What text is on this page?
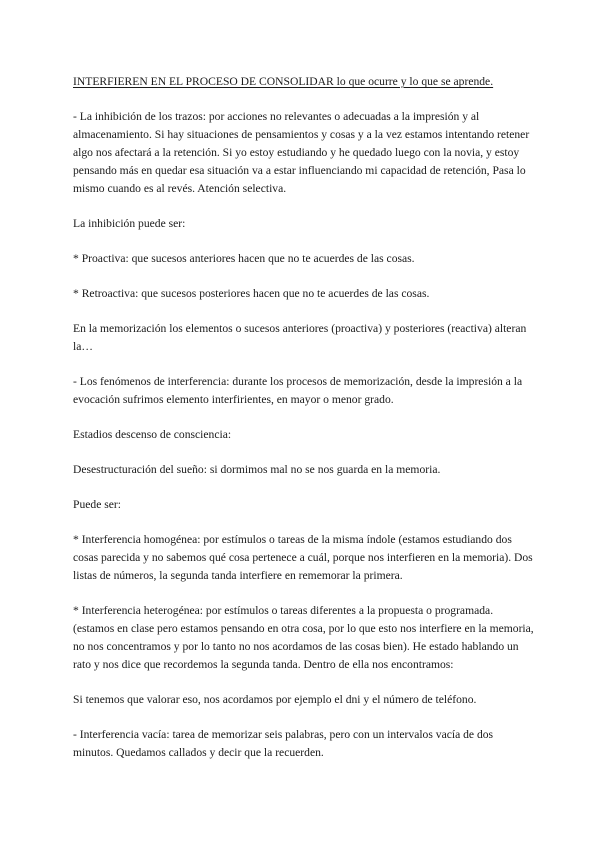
INTERFIEREN EN EL PROCESO DE CONSOLIDAR lo que ocurre y lo que se aprende.

- La inhibición de los trazos: por acciones no relevantes o adecuadas a la impresión y al almacenamiento. Si hay situaciones de pensamientos y cosas y a la vez estamos intentando retener algo nos afectará a la retención. Si yo estoy estudiando y he quedado luego con la novia, y estoy pensando más en quedar esa situación va a estar influenciando mi capacidad de retención, Pasa lo mismo cuando es al revés. Atención selectiva.

La inhibición puede ser:

* Proactiva: que sucesos anteriores hacen que no te acuerdes de las cosas.

* Retroactiva: que sucesos posteriores hacen que no te acuerdes de las cosas.

En la memorización los elementos o sucesos anteriores (proactiva) y posteriores (reactiva) alteran la…

- Los fenómenos de interferencia: durante los procesos de memorización, desde la impresión a la evocación sufrimos elemento interfirientes, en mayor o menor grado.

Estadios descenso de consciencia:

Desestructuración del sueño: si dormimos mal no se nos guarda en la memoria.

Puede ser:

* Interferencia homogénea: por estímulos o tareas de la misma índole (estamos estudiando dos cosas parecida y no sabemos qué cosa pertenece a cuál, porque nos interfieren en la memoria). Dos listas de números, la segunda tanda interfiere en rememorar la primera.

* Interferencia heterogénea: por estímulos o tareas diferentes a la propuesta o programada. (estamos en clase pero estamos pensando en otra cosa, por lo que esto nos interfiere en la memoria, no nos concentramos y por lo tanto no nos acordamos de las cosas bien). He estado hablando un rato y nos dice que recordemos la segunda tanda. Dentro de ella nos encontramos:

Si tenemos que valorar eso, nos acordamos por ejemplo el dni y el número de teléfono.

- Interferencia vacía: tarea de memorizar seis palabras, pero con un intervalos vacía de dos minutos. Quedamos callados y decir que la recuerden.
